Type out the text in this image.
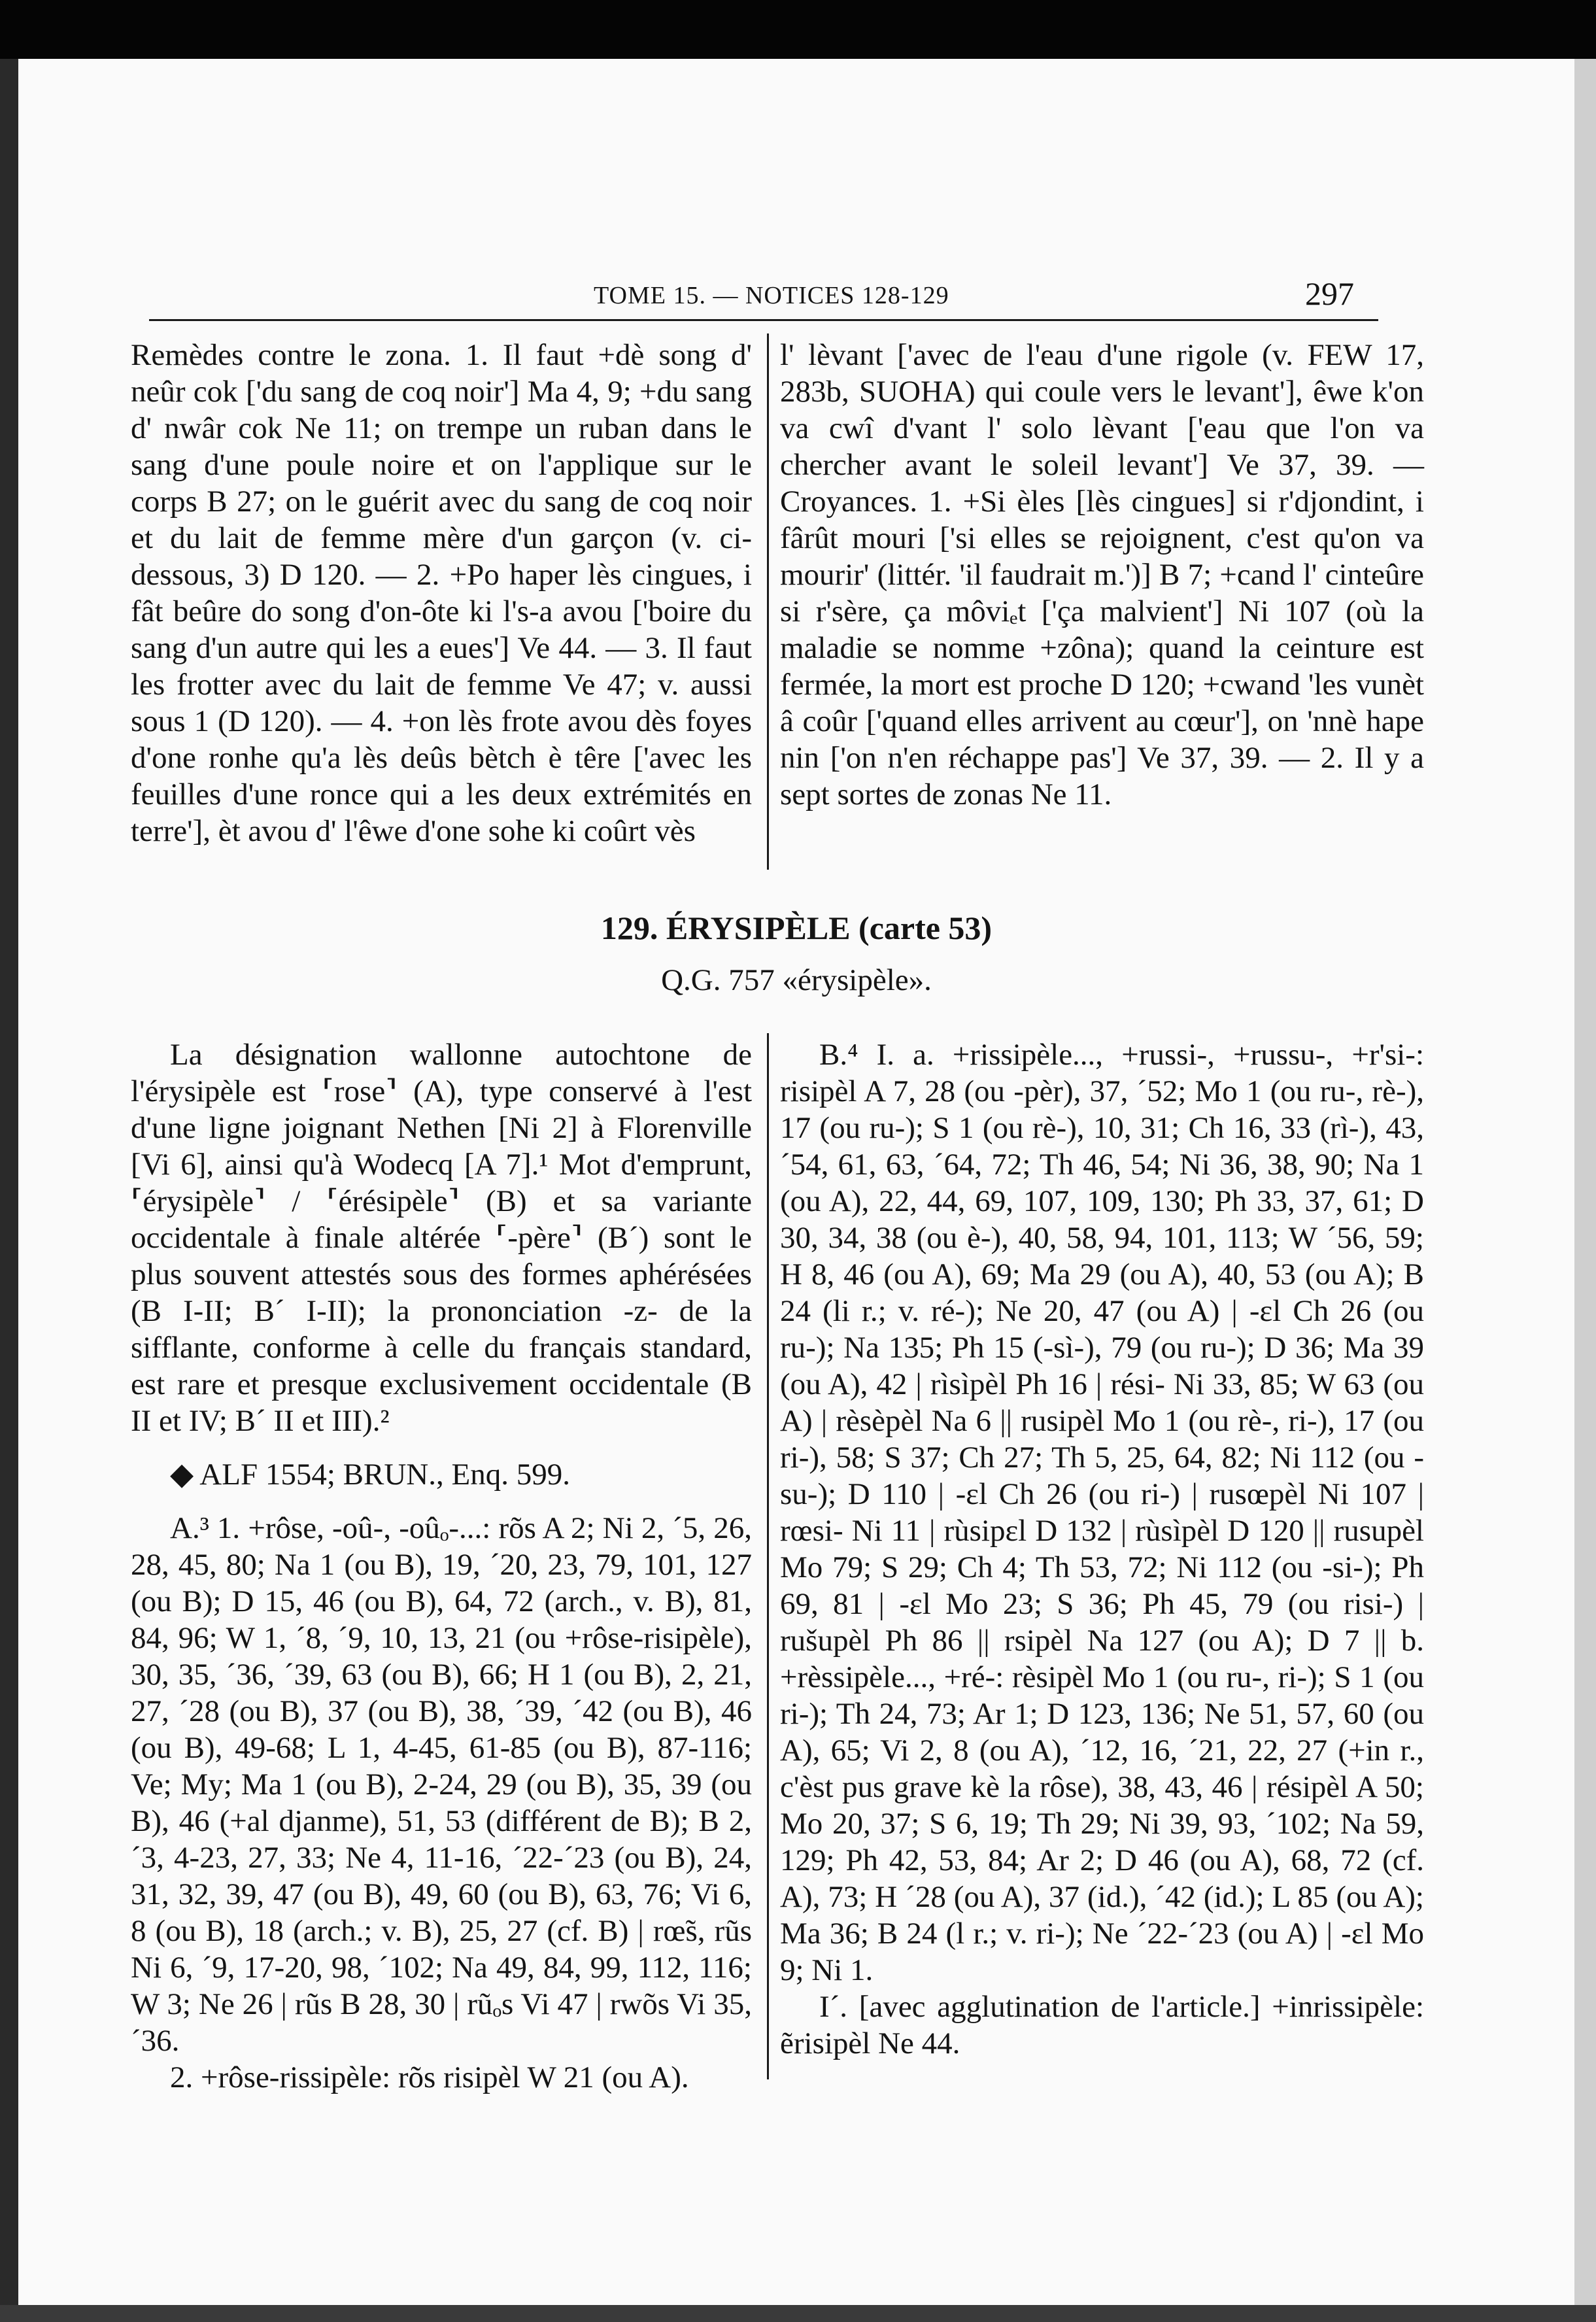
TOME 15. — NOTICES 128-129	297

Remèdes contre le zona. 1. Il faut +dè song d' neûr cok ['du sang de coq noir'] Ma 4, 9; +du sang d' nwâr cok Ne 11; on trempe un ruban dans le sang d'une poule noire et on l'applique sur le corps B 27; on le guérit avec du sang de coq noir et du lait de femme mère d'un garçon (v. ci-dessous, 3) D 120. — 2. +Po haper lès cingues, i fât beûre do song d'on-ôte ki l's-a avou ['boire du sang d'un autre qui les a eues'] Ve 44. — 3. Il faut les frotter avec du lait de femme Ve 47; v. aussi sous 1 (D 120). — 4. +on lès frote avou dès foyes d'one ronhe qu'a lès deûs bètch è têre ['avec les feuilles d'une ronce qui a les deux extrémités en terre'], èt avou d' l'êwe d'one sohe ki coûrt vès

l' lèvant ['avec de l'eau d'une rigole (v. FEW 17, 283b, SUOHA) qui coule vers le levant'], êwe k'on va cwî d'vant l' solo lèvant ['eau que l'on va chercher avant le soleil levant'] Ve 37, 39. — Croyances. 1. +Si èles [lès cingues] si r'djondint, i fârût mouri ['si elles se rejoignent, c'est qu'on va mourir' (littér. 'il faudrait m.')] B 7; +cand l' cinteûre si r'sère, ça môviₑt ['ça malvient'] Ni 107 (où la maladie se nomme +zôna); quand la ceinture est fermée, la mort est proche D 120; +cwand 'les vunèt â coûr ['quand elles arrivent au cœur'], on 'nnè hape nin ['on n'en réchappe pas'] Ve 37, 39. — 2. Il y a sept sortes de zonas Ne 11.

129. ÉRYSIPÈLE (carte 53)
Q.G. 757 «érysipèle».

La désignation wallonne autochtone de l'érysipèle est ⸢rose⸣ (A), type conservé à l'est d'une ligne joignant Nethen [Ni 2] à Florenville [Vi 6], ainsi qu'à Wodecq [A 7].¹ Mot d'emprunt, ⸢érysipèle⸣ / ⸢érésipèle⸣ (B) et sa variante occidentale à finale altérée ⸢-père⸣ (B´) sont le plus souvent attestés sous des formes aphérésées (B I-II; B´ I-II); la prononciation -z- de la sifflante, conforme à celle du français standard, est rare et presque exclusivement occidentale (B II et IV; B´ II et III).²

◆ ALF 1554; BRUN., Enq. 599.

A.³ 1. +rôse, -oû-, -oûₒ-...: rõs A 2; Ni 2, ´5, 26, 28, 45, 80; Na 1 (ou B), 19, ´20, 23, 79, 101, 127 (ou B); D 15, 46 (ou B), 64, 72 (arch., v. B), 81, 84, 96; W 1, ´8, ´9, 10, 13, 21 (ou +rôse-risipèle), 30, 35, ´36, ´39, 63 (ou B), 66; H 1 (ou B), 2, 21, 27, ´28 (ou B), 37 (ou B), 38, ´39, ´42 (ou B), 46 (ou B), 49-68; L 1, 4-45, 61-85 (ou B), 87-116; Ve; My; Ma 1 (ou B), 2-24, 29 (ou B), 35, 39 (ou B), 46 (+al djanme), 51, 53 (différent de B); B 2, ´3, 4-23, 27, 33; Ne 4, 11-16, ´22-´23 (ou B), 24, 31, 32, 39, 47 (ou B), 49, 60 (ou B), 63, 76; Vi 6, 8 (ou B), 18 (arch.; v. B), 25, 27 (cf. B) | rœ̃s, rũs Ni 6, ´9, 17-20, 98, ´102; Na 49, 84, 99, 112, 116; W 3; Ne 26 | rũs B 28, 30 | rũₒs Vi 47 | rwõs Vi 35, ´36.

2. +rôse-rissipèle: rõs risipèl W 21 (ou A).

B.⁴ I. a. +rissipèle..., +russi-, +russu-, +r'si-: risipèl A 7, 28 (ou -pèr), 37, ´52; Mo 1 (ou ru-, rè-), 17 (ou ru-); S 1 (ou rè-), 10, 31; Ch 16, 33 (rì-), 43, ´54, 61, 63, ´64, 72; Th 46, 54; Ni 36, 38, 90; Na 1 (ou A), 22, 44, 69, 107, 109, 130; Ph 33, 37, 61; D 30, 34, 38 (ou è-), 40, 58, 94, 101, 113; W ´56, 59; H 8, 46 (ou A), 69; Ma 29 (ou A), 40, 53 (ou A); B 24 (li r.; v. ré-); Ne 20, 47 (ou A) | -ɛl Ch 26 (ou ru-); Na 135; Ph 15 (-sì-), 79 (ou ru-); D 36; Ma 39 (ou A), 42 | rìsìpèl Ph 16 | rési- Ni 33, 85; W 63 (ou A) | rèsèpèl Na 6 || rusipèl Mo 1 (ou rè-, ri-), 17 (ou ri-), 58; S 37; Ch 27; Th 5, 25, 64, 82; Ni 112 (ou -su-); D 110 | -ɛl Ch 26 (ou ri-) | rusœpèl Ni 107 | rœsi- Ni 11 | rùsipɛl D 132 | rùsìpèl D 120 || rusupèl Mo 79; S 29; Ch 4; Th 53, 72; Ni 112 (ou -si-); Ph 69, 81 | -ɛl Mo 23; S 36; Ph 45, 79 (ou risi-) | rušupèl Ph 86 || rsipèl Na 127 (ou A); D 7 || b. +rèssipèle..., +ré-: rèsipèl Mo 1 (ou ru-, ri-); S 1 (ou ri-); Th 24, 73; Ar 1; D 123, 136; Ne 51, 57, 60 (ou A), 65; Vi 2, 8 (ou A), ´12, 16, ´21, 22, 27 (+in r., c'èst pus grave kè la rôse), 38, 43, 46 | résipèl A 50; Mo 20, 37; S 6, 19; Th 29; Ni 39, 93, ´102; Na 59, 129; Ph 42, 53, 84; Ar 2; D 46 (ou A), 68, 72 (cf. A), 73; H ´28 (ou A), 37 (id.), ´42 (id.); L 85 (ou A); Ma 36; B 24 (l r.; v. ri-); Ne ´22-´23 (ou A) | -ɛl Mo 9; Ni 1.

I´. [avec agglutination de l'article.] +inrissipèle: ẽrisipèl Ne 44.
